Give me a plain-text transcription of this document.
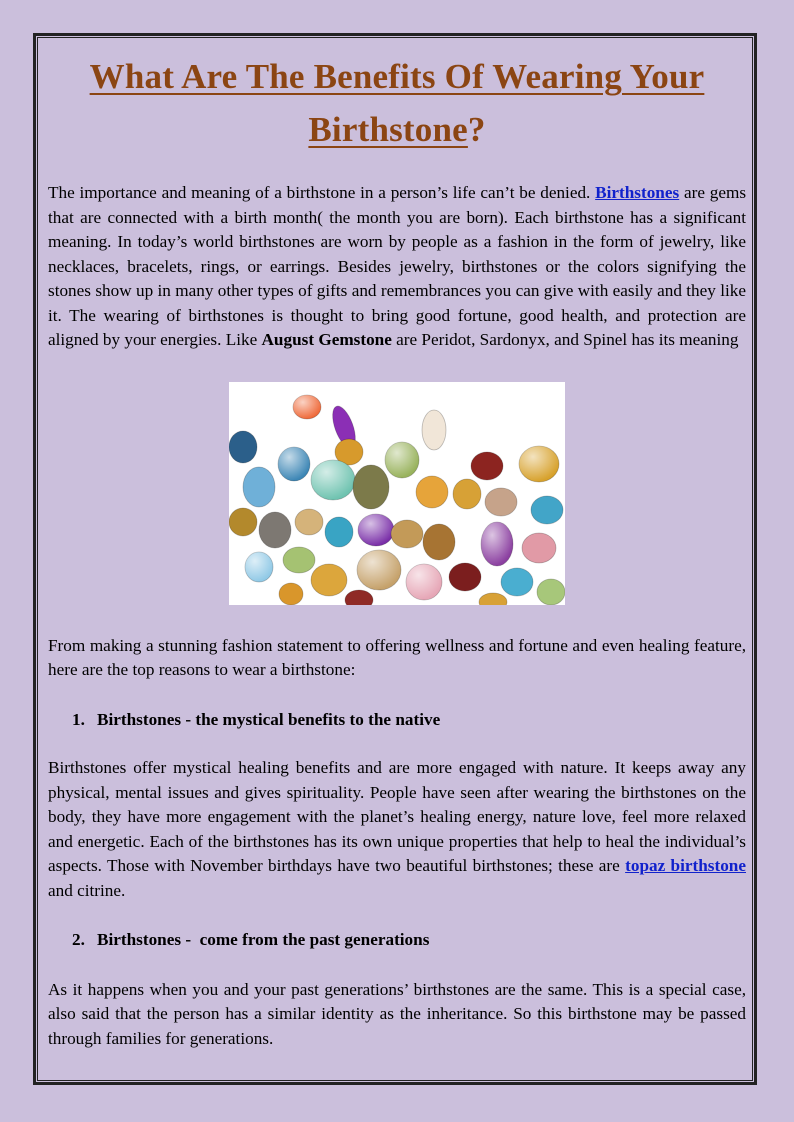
What Are The Benefits Of Wearing Your
Birthstone?

The importance and meaning of a birthstone in a person’s life can’t be denied. Birthstones are gems that are connected with a birth month( the month you are born). Each birthstone has a significant meaning. In today’s world birthstones are worn by people as a fashion in the form of jewelry, like necklaces, bracelets, rings, or earrings. Besides jewelry, birthstones or the colors signifying the stones show up in many other types of gifts and remembrances you can give with easily and they like it. The wearing of birthstones is thought to bring good fortune, good health, and protection are aligned by your energies. Like August Gemstone are Peridot, Sardonyx, and Spinel has its meaning

From making a stunning fashion statement to offering wellness and fortune and even healing feature, here are the top reasons to wear a birthstone:

1. Birthstones - the mystical benefits to the native

Birthstones offer mystical healing benefits and are more engaged with nature. It keeps away any physical, mental issues and gives spirituality. People have seen after wearing the birthstones on the body, they have more engagement with the planet’s healing energy, nature love, feel more relaxed and energetic. Each of the birthstones has its own unique properties that help to heal the individual’s aspects. Those with November birthdays have two beautiful birthstones; these are topaz birthstone and citrine.

2. Birthstones -  come from the past generations

As it happens when you and your past generations’ birthstones are the same. This is a special case, also said that the person has a similar identity as the inheritance. So this birthstone may be passed through families for generations.
